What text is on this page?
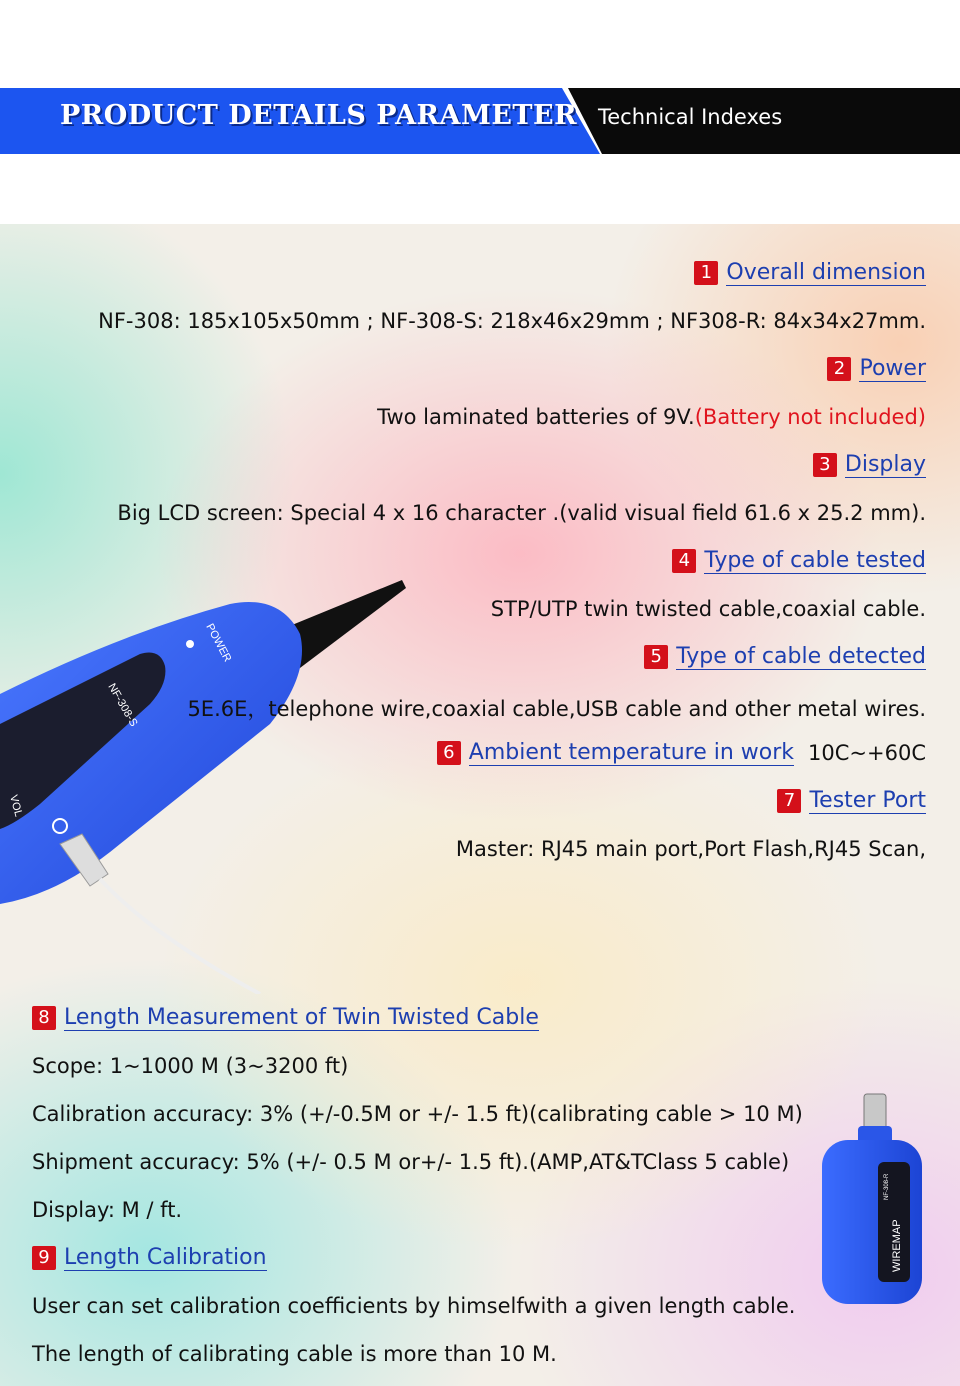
PRODUCT DETAILS PARAMETER Technical Indexes
NF-308-S
POWER
VOL
WIREMAP
NF-308-R
1 Overall dimension
NF-308: 185x105x50mm ; NF-308-S: 218x46x29mm ; NF308-R: 84x34x27mm.
2 Power
Two laminated batteries of 9V.(Battery not included)
3 Display
Big LCD screen: Special 4 x 16 character .(valid visual field 61.6 x 25.2 mm).
4 Type of cable tested
STP/UTP twin twisted cable,coaxial cable.
5 Type of cable detected
5E.6E，telephone wire,coaxial cable,USB cable and other metal wires.
6 Ambient temperature in work 10C~+60C
7 Tester Port
Master: RJ45 main port,Port Flash,RJ45 Scan,
8 Length Measurement of Twin Twisted Cable
Scope: 1~1000 M (3~3200 ft)
Calibration accuracy: 3% (+/-0.5M or +/- 1.5 ft)(calibrating cable > 10 M)
Shipment accuracy: 5% (+/- 0.5 M or+/- 1.5 ft).(AMP,AT&TClass 5 cable)
Display: M / ft.
9 Length Calibration
User can set calibration coefficients by himselfwith a given length cable.
The length of calibrating cable is more than 10 M.
